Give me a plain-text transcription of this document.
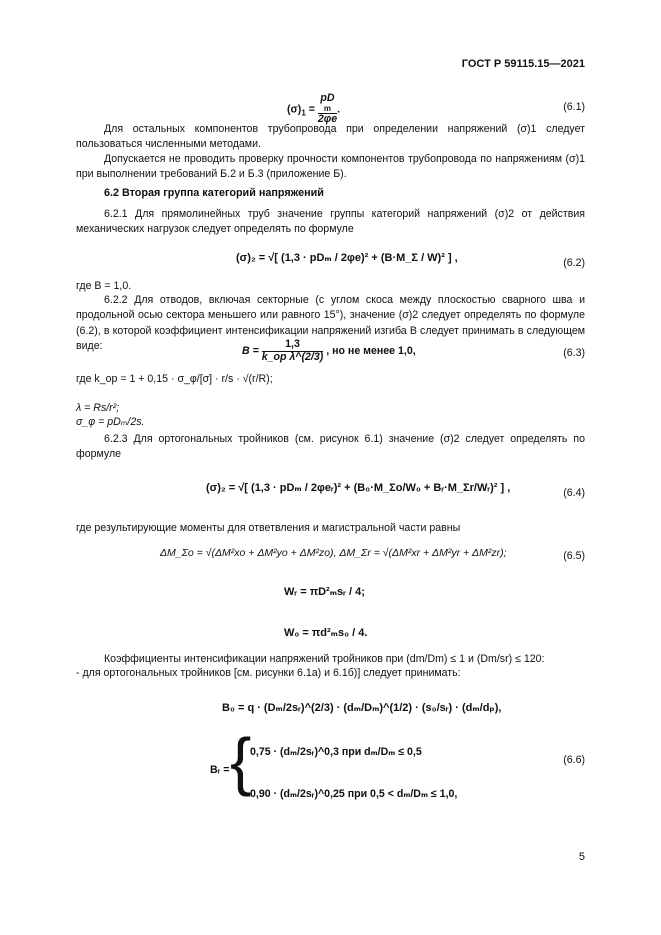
ГОСТ Р 59115.15—2021
$(\sigma)_1$ = pD
m
2φe .	(6.1)

Для остальных компонентов трубопровода при определении напряжений (σ)1 следует пользоваться численными методами.

Допускается не проводить проверку прочности компонентов трубопровода по напряжениям (σ)1 при выполнении требований Б.2 и Б.3 (приложение Б).

6.2 Вторая группа категорий напряжений

6.2.1 Для прямолинейных труб значение группы категорий напряжений (σ)2 от действия механических нагрузок следует определять по формуле

(σ)₂ = √[ (1,3 · pDₘ / 2φe)² + (B·M_Σ / W)² ] ,	(6.2)
где B = 1,0.

6.2.2 Для отводов, включая секторные (с углом скоса между плоскостью сварного шва и продольной осью сектора меньшего или равного 15°), значение (σ)2 следует определять по формуле (6.2), в которой коэффициент интенсификации напряжений изгиба B следует принимать в следующем виде:	$B = \frac{1,3}{\text{k\_op λ\textasciicircum{}(2/3)}}$ , но не менее 1,0,	(6.3)
где k_op = 1 + 0,15 · σ_φ/[σ] · r/s · √(r/R);
λ = Rs/r²;
σ_φ = pDₘ/2s.

6.2.3 Для ортогональных тройников (см. рисунок 6.1) значение (σ)2 следует определять по формуле

(σ)₂ = √[ (1,3 · pDₘ / 2φeᵣ)² + (B₀·M_Σo/W₀ + Bᵣ·M_Σr/Wᵣ)² ] ,	(6.4)
где результирующие моменты для ответвления и магистральной части равны
ΔM_Σo = √(ΔM²xo + ΔM²yo + ΔM²zo), ΔM_Σr = √(ΔM²xr + ΔM²yr + ΔM²zr);	(6.5)
Wᵣ = πD²ₘsᵣ / 4;
W₀ = πd²ₘs₀ / 4.

Коэффициенты интенсификации напряжений тройников при (dm/Dm) ≤ 1 и (Dm/sr) ≤ 120:

- для ортогональных тройников [см. рисунки 6.1а) и 6.1б)] следует принимать:
B₀ = q · (Dₘ/2sᵣ)^(2/3) · (dₘ/Dₘ)^(1/2) · (s₀/sᵣ) · (dₘ/dₚ),
Bᵣ = {
0,75 · (dₘ/2sᵣ)^0,3 при dₘ/Dₘ ≤ 0,5
0,90 · (dₘ/2sᵣ)^0,25 при 0,5 < dₘ/Dₘ ≤ 1,0,
(6.6)
5
